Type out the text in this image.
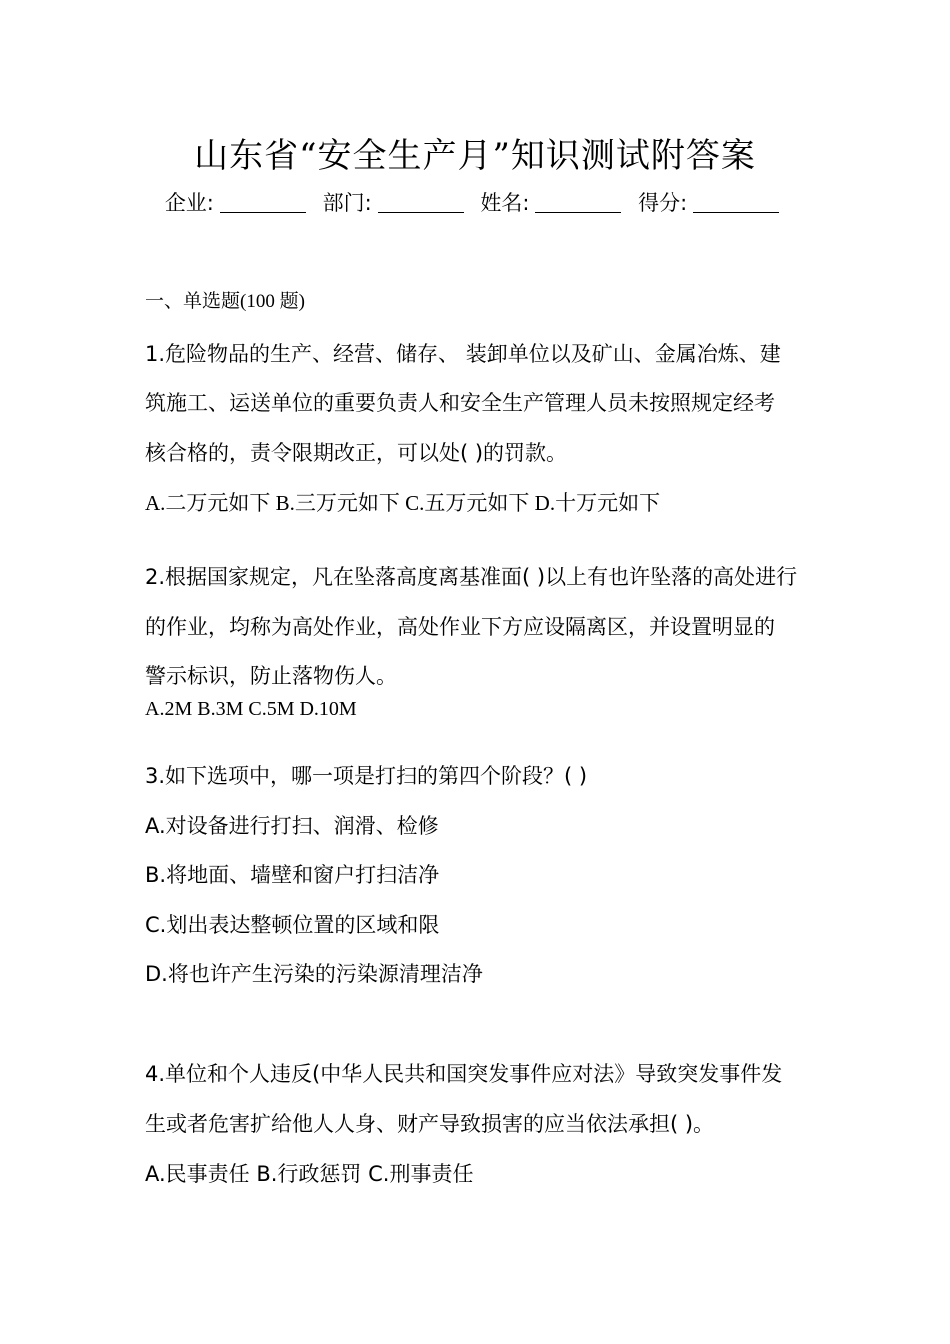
山东省“安全生产月”知识测试附答案
企业:	部门:	姓名:	得分:
一、单选题(100 题)
1.危险物品的生产、经营、储存、 装卸单位以及矿山、金属冶炼、建
筑施工、运送单位的重要负责人和安全生产管理人员未按照规定经考
核合格的，责令限期改正，可以处( )的罚款。
A.二万元如下 B.三万元如下 C.五万元如下 D.十万元如下
2.根据国家规定，凡在坠落高度离基准面( )以上有也许坠落的高处进行
的作业，均称为高处作业，高处作业下方应设隔离区，并设置明显的
警示标识，防止落物伤人。
A.2M B.3M C.5M D.10M
3.如下选项中，哪一项是打扫的第四个阶段？( )
A.对设备进行打扫、润滑、检修
B.将地面、墙壁和窗户打扫洁净
C.划出表达整顿位置的区域和限
D.将也许产生污染的污染源清理洁净
4.单位和个人违反(中华人民共和国突发事件应对法》导致突发事件发
生或者危害扩给他人人身、财产导致损害的应当依法承担( )。
A.民事责任 B.行政惩罚 C.刑事责任
